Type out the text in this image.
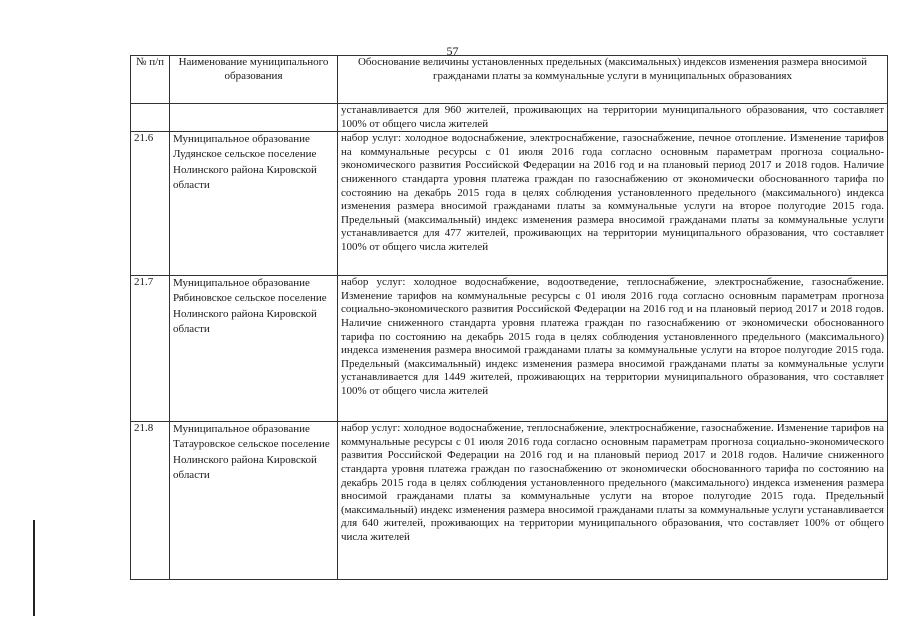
57
№ п/п	Наименование муниципального образования	Обоснование величины установленных предельных (максимальных) индексов изменения размера вносимой гражданами платы за коммунальные услуги в муниципальных образованиях
		устанавливается для 960 жителей, проживающих на территории муниципального образования, что составляет 100% от общего числа жителей
21.6	Муниципальное образование Лудянское сельское поселение Нолинского района Кировской области	набор услуг: холодное водоснабжение, электроснабжение, газоснабжение, печное отопление. Изменение тарифов на коммунальные ресурсы с 01 июля 2016 года согласно основным параметрам прогноза социально-экономического развития Российской Федерации на 2016 год и на плановый период 2017 и 2018 годов. Наличие сниженного стандарта уровня платежа граждан по газоснабжению от экономически обоснованного тарифа по состоянию на декабрь 2015 года в целях соблюдения установленного предельного (максимального) индекса изменения размера вносимой гражданами платы за коммунальные услуги на второе полугодие 2015 года. Предельный (максимальный) индекс изменения размера вносимой гражданами платы за коммунальные услуги устанавливается для 477 жителей, проживающих на территории муниципального образования, что составляет 100% от общего числа жителей
21.7	Муниципальное образование Рябиновское сельское поселение Нолинского района Кировской области	набор услуг: холодное водоснабжение, водоотведение, теплоснабжение, электроснабжение, газоснабжение. Изменение тарифов на коммунальные ресурсы с 01 июля 2016 года согласно основным параметрам прогноза социально-экономического развития Российской Федерации на 2016 год и на плановый период 2017 и 2018 годов. Наличие сниженного стандарта уровня платежа граждан по газоснабжению от экономически обоснованного тарифа по состоянию на декабрь 2015 года в целях соблюдения установленного предельного (максимального) индекса изменения размера вносимой гражданами платы за коммунальные услуги на второе полугодие 2015 года. Предельный (максимальный) индекс изменения размера вносимой гражданами платы за коммунальные услуги устанавливается для 1449 жителей, проживающих на территории муниципального образования, что составляет 100% от общего числа жителей
21.8	Муниципальное образование Татауровское сельское поселение Нолинского района Кировской области	набор услуг: холодное водоснабжение, теплоснабжение, электроснабжение, газоснабжение. Изменение тарифов на коммунальные ресурсы с 01 июля 2016 года согласно основным параметрам прогноза социально-экономического развития Российской Федерации на 2016 год и на плановый период 2017 и 2018 годов. Наличие сниженного стандарта уровня платежа граждан по газоснабжению от экономически обоснованного тарифа по состоянию на декабрь 2015 года в целях соблюдения установленного предельного (максимального) индекса изменения размера вносимой гражданами платы за коммунальные услуги на второе полугодие 2015 года. Предельный (максимальный) индекс изменения размера вносимой гражданами платы за коммунальные услуги устанавливается для 640 жителей, проживающих на территории муниципального образования, что составляет 100% от общего числа жителей
